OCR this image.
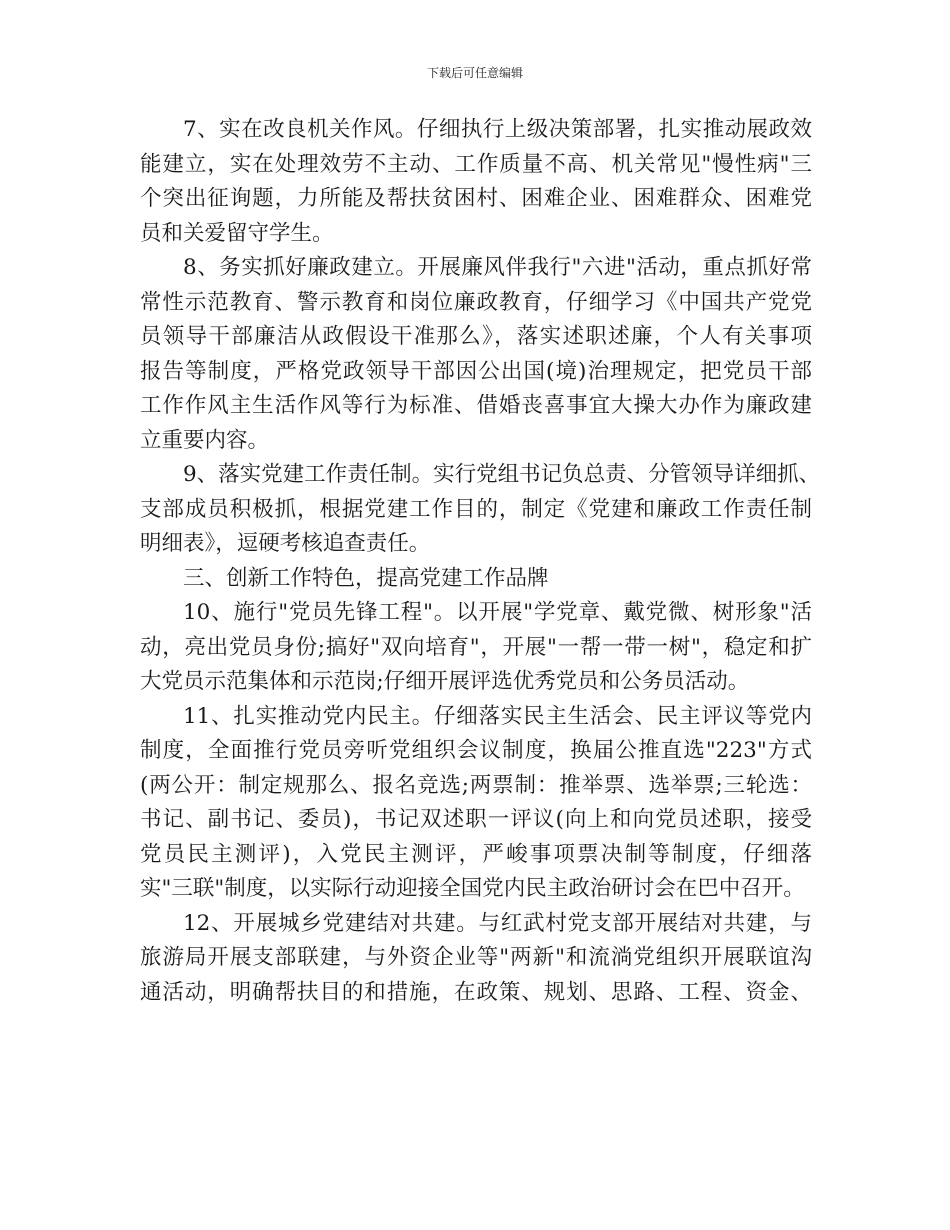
下载后可任意编辑
7、实在改良机关作风。仔细执行上级决策部署，扎实推动展政效
能建立，实在处理效劳不主动、工作质量不高、机关常见"慢性病"三
个突出征询题，力所能及帮扶贫困村、困难企业、困难群众、困难党
员和关爱留守学生。
8、务实抓好廉政建立。开展廉风伴我行"六进"活动，重点抓好常
常性示范教育、警示教育和岗位廉政教育，仔细学习《中国共产党党
员领导干部廉洁从政假设干准那么》，落实述职述廉，个人有关事项
报告等制度，严格党政领导干部因公出国(境)治理规定，把党员干部
工作作风主生活作风等行为标准、借婚丧喜事宜大操大办作为廉政建
立重要内容。
9、落实党建工作责任制。实行党组书记负总责、分管领导详细抓、
支部成员积极抓，根据党建工作目的，制定《党建和廉政工作责任制
明细表》，逗硬考核追查责任。
三、创新工作特色，提高党建工作品牌
10、施行"党员先锋工程"。以开展"学党章、戴党微、树形象"活
动，亮出党员身份;搞好"双向培育"，开展"一帮一带一树"，稳定和扩
大党员示范集体和示范岗;仔细开展评选优秀党员和公务员活动。
11、扎实推动党内民主。仔细落实民主生活会、民主评议等党内
制度，全面推行党员旁听党组织会议制度，换届公推直选"223"方式
(两公开：制定规那么、报名竞选;两票制：推举票、选举票;三轮选：
书记、副书记、委员)，书记双述职一评议(向上和向党员述职，接受
党员民主测评)，入党民主测评，严峻事项票决制等制度，仔细落
实"三联"制度，以实际行动迎接全国党内民主政治研讨会在巴中召开。
12、开展城乡党建结对共建。与红武村党支部开展结对共建，与
旅游局开展支部联建，与外资企业等"两新"和流淌党组织开展联谊沟
通活动，明确帮扶目的和措施，在政策、规划、思路、工程、资金、
